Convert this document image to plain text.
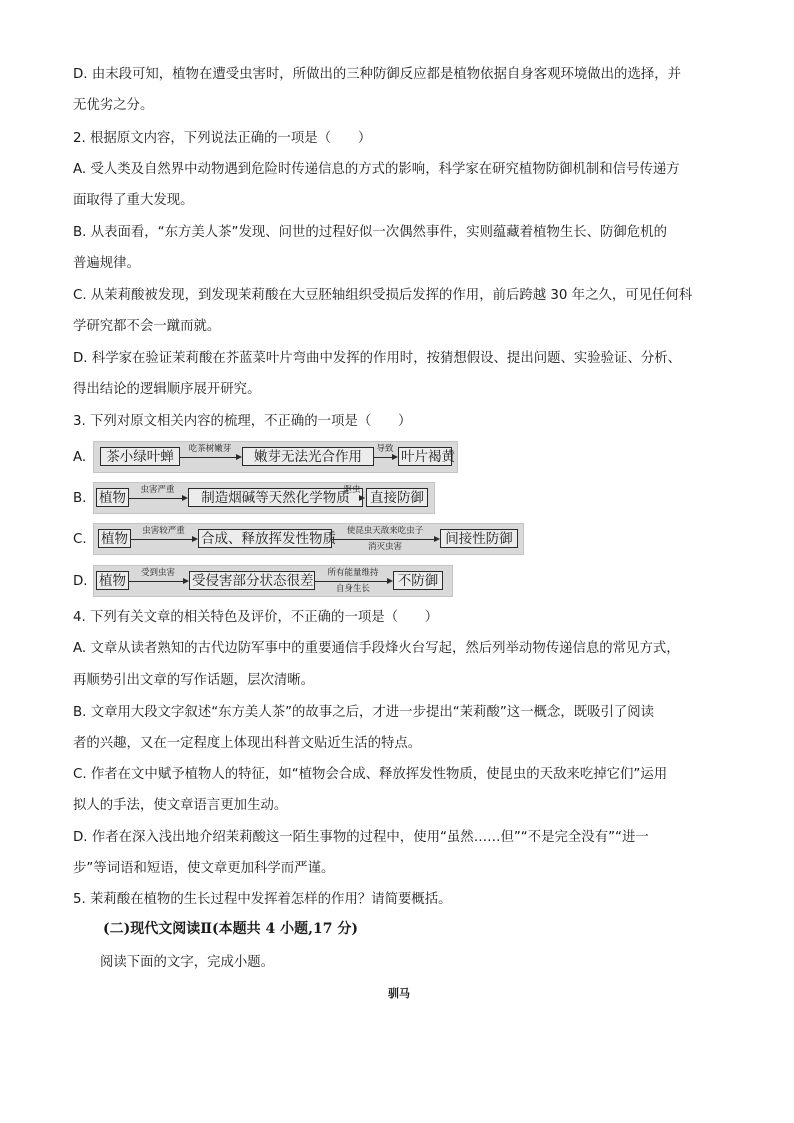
D. 由末段可知，植物在遭受虫害时，所做出的三种防御反应都是植物依据自身客观环境做出的选择，并
无优劣之分。
2. 根据原文内容，下列说法正确的一项是（　　）
A. 受人类及自然界中动物遇到危险时传递信息的方式的影响，科学家在研究植物防御机制和信号传递方
面取得了重大发现。
B. 从表面看，“东方美人茶”发现、问世的过程好似一次偶然事件，实则蕴藏着植物生长、防御危机的
普遍规律。
C. 从茉莉酸被发现，到发现茉莉酸在大豆胚轴组织受损后发挥的作用，前后跨越 30 年之久，可见任何科
学研究都不会一蹴而就。
D. 科学家在验证茉莉酸在芥蓝菜叶片弯曲中发挥的作用时，按猜想假设、提出问题、实验验证、分析、
得出结论的逻辑顺序展开研究。
3. 下列对原文相关内容的梳理，不正确的一项是（　　）
A.	茶小绿叶蝉	吃茶树嫩芽	嫩芽无法光合作用	导致 叶片褐黄
B. 植物	虫害严重	制造烟碱等天然化学物质
驱虫 直接防御
C. 植物	虫害较严重	合成、释放挥发性物质	使昆虫天敌来吃虫子
消灭虫害	间接性防御
D. 植物	受到虫害	受侵害部分状态很差	所有能量维持
自身生长	不防御
4. 下列有关文章的相关特色及评价，不正确的一项是（　　）
A. 文章从读者熟知的古代边防军事中的重要通信手段烽火台写起，然后列举动物传递信息的常见方式，
再顺势引出文章的写作话题，层次清晰。
B. 文章用大段文字叙述“东方美人茶”的故事之后，才进一步提出“茉莉酸”这一概念，既吸引了阅读
者的兴趣，又在一定程度上体现出科普文贴近生活的特点。
C. 作者在文中赋予植物人的特征，如“植物会合成、释放挥发性物质，使昆虫的天敌来吃掉它们”运用
拟人的手法，使文章语言更加生动。
D. 作者在深入浅出地介绍茉莉酸这一陌生事物的过程中，使用“虽然……但”“不是完全没有”“进一
步”等词语和短语，使文章更加科学而严谨。
5. 茉莉酸在植物的生长过程中发挥着怎样的作用？请简要概括。
(二)现代文阅读Ⅱ(本题共 4 小题,17 分)
阅读下面的文字，完成小题。
驯马
